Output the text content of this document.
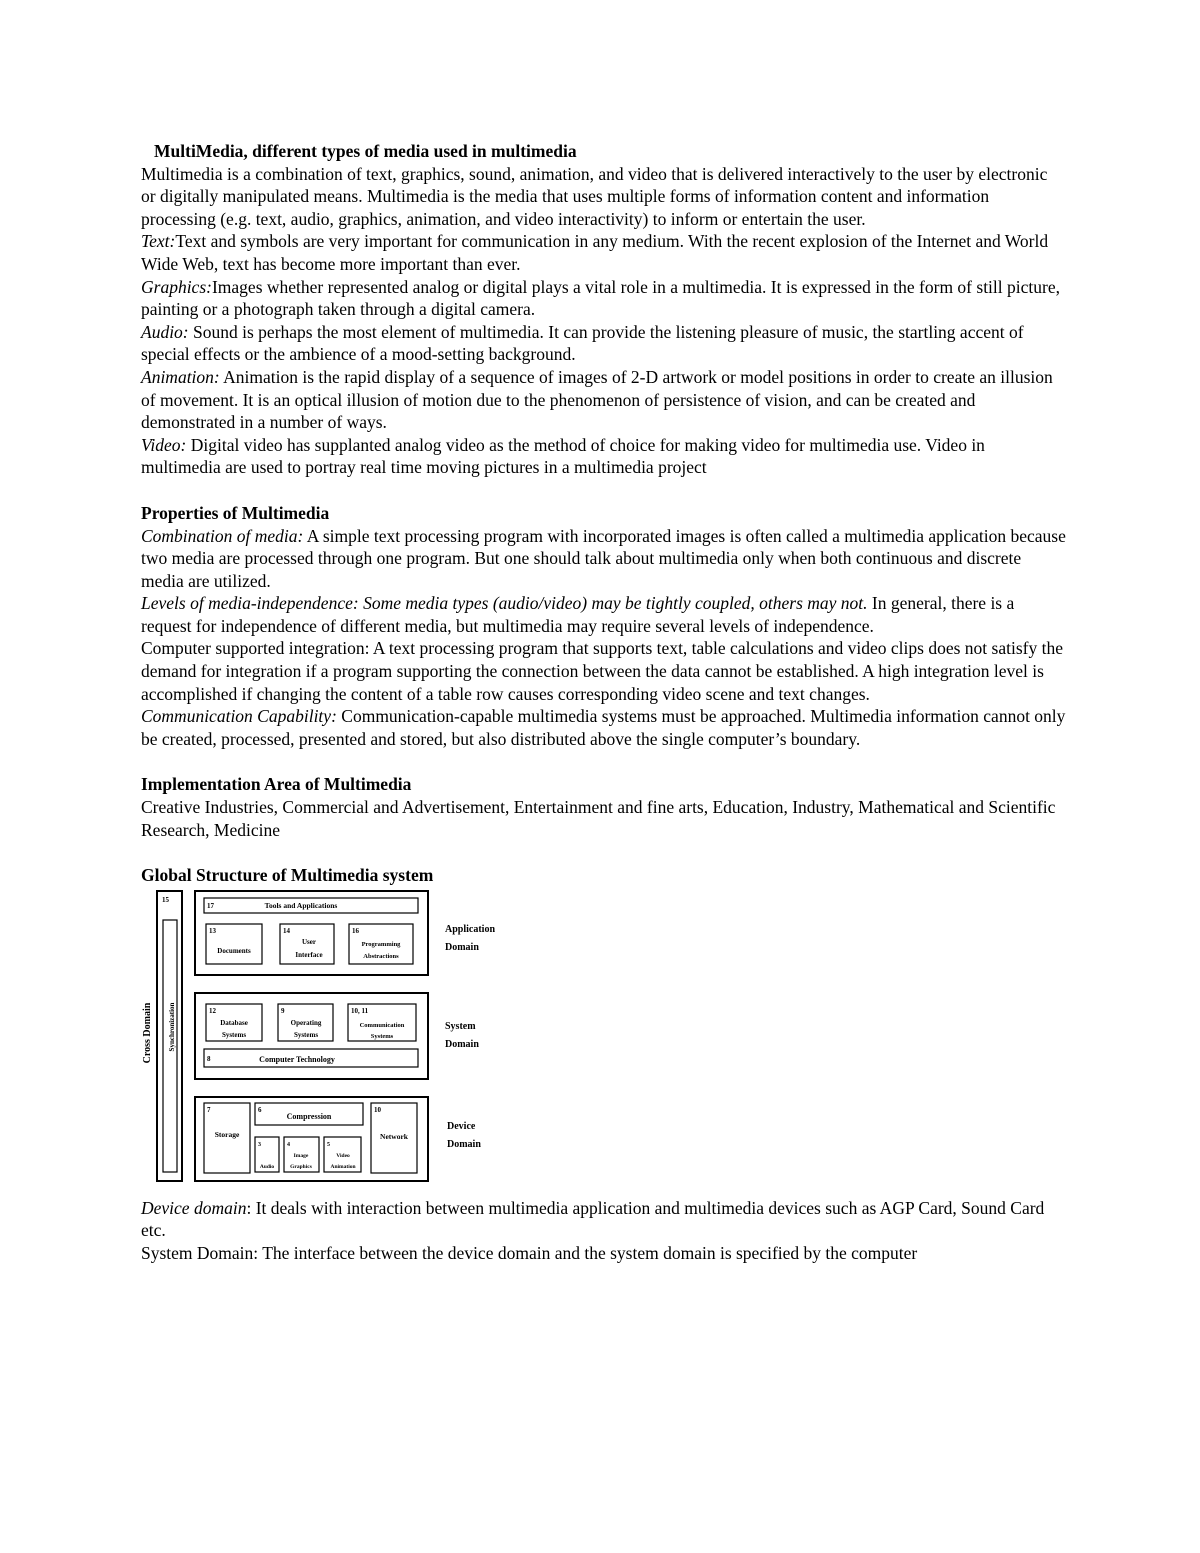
MultiMedia, different types of media used in multimedia

Multimedia is a combination of text, graphics, sound, animation, and video that is delivered interactively to the user by electronic or digitally manipulated means. Multimedia is the media that uses multiple forms of information content and information processing (e.g. text, audio, graphics, animation, and video interactivity) to inform or entertain the user.

Text:Text and symbols are very important for communication in any medium. With the recent explosion of the Internet and World Wide Web, text has become more important than ever.

Graphics:Images whether represented analog or digital plays a vital role in a multimedia. It is expressed in the form of still picture, painting or a photograph taken through a digital camera.

Audio: Sound is perhaps the most element of multimedia. It can provide the listening pleasure of music, the startling accent of special effects or the ambience of a mood-setting background.

Animation: Animation is the rapid display of a sequence of images of 2-D artwork or model positions in order to create an illusion of movement. It is an optical illusion of motion due to the phenomenon of persistence of vision, and can be created and demonstrated in a number of ways.

Video: Digital video has supplanted analog video as the method of choice for making video for multimedia use. Video in multimedia are used to portray real time moving pictures in a multimedia project

Properties of Multimedia

Combination of media: A simple text processing program with incorporated images is often called a multimedia application because two media are processed through one program. But one should talk about multimedia only when both continuous and discrete media are utilized.

Levels of media-independence: Some media types (audio/video) may be tightly coupled, others may not. In general, there is a request for independence of different media, but multimedia may require several levels of independence.

Computer supported integration: A text processing program that supports text, table calculations and video clips does not satisfy the demand for integration if a program supporting the connection between the data cannot be established. A high integration level is accomplished if changing the content of a table row causes corresponding video scene and text changes.

Communication Capability: Communication-capable multimedia systems must be approached. Multimedia information cannot only be created, processed, presented and stored, but also distributed above the single computer’s boundary.

Implementation Area of Multimedia

Creative Industries, Commercial and Advertisement, Entertainment and fine arts, Education, Industry, Mathematical and Scientific Research, Medicine

Global Structure of Multimedia system

Cross Domain
15
Synchronization
17	Tools and Applications
13
Documents
14
User
Interface
16
Programming
Abstractions
Application
Domain
12
Database
Systems
9
Operating
Systems
10, 11
Communication
Systems
8	Computer Technology
System
Domain
7
Storage
6
Compression
3
Audio
4
Image
Graphics
5
Video
Animation
10
Network
Device
Domain

Device domain: It deals with interaction between multimedia application and multimedia devices such as AGP Card, Sound Card etc.

System Domain: The interface between the device domain and the system domain is specified by the computer
